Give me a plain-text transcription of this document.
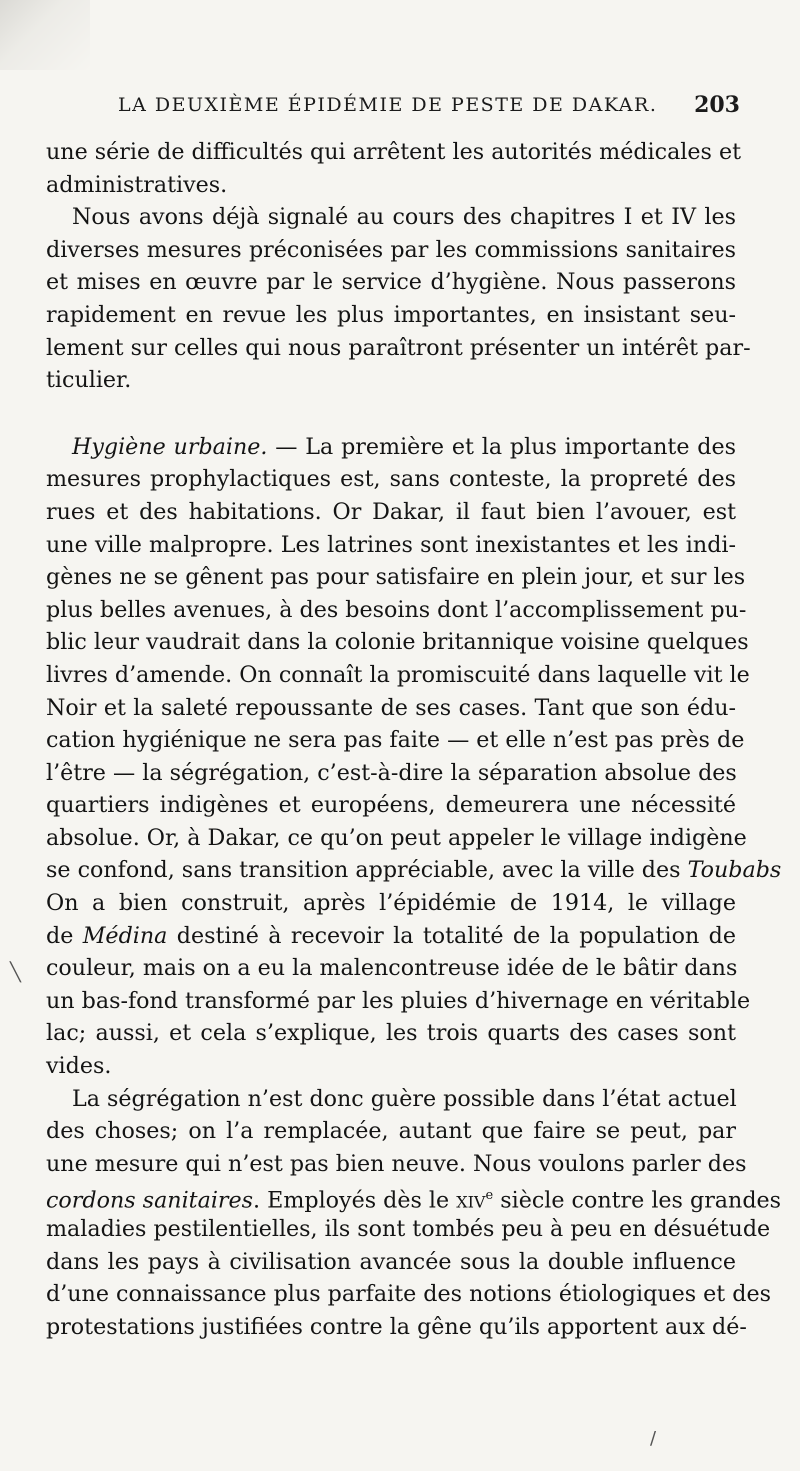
LA DEUXIÈME ÉPIDÉMIE DE PESTE DE DAKAR. 203
une série de difficultés qui arrêtent les autorités médicales et
administratives.
Nous avons déjà signalé au cours des chapitres I et IV les
diverses mesures préconisées par les commissions sanitaires
et mises en œuvre par le service d’hygiène. Nous passerons
rapidement en revue les plus importantes, en insistant seu-
lement sur celles qui nous paraîtront présenter un intérêt par-
ticulier.
Hygiène urbaine. — La première et la plus importante des
mesures prophylactiques est, sans conteste, la propreté des
rues et des habitations. Or Dakar, il faut bien l’avouer, est
une ville malpropre. Les latrines sont inexistantes et les indi-
gènes ne se gênent pas pour satisfaire en plein jour, et sur les
plus belles avenues, à des besoins dont l’accomplissement pu-
blic leur vaudrait dans la colonie britannique voisine quelques
livres d’amende. On connaît la promiscuité dans laquelle vit le
Noir et la saleté repoussante de ses cases. Tant que son édu-
cation hygiénique ne sera pas faite — et elle n’est pas près de
l’être — la ségrégation, c’est-à-dire la séparation absolue des
quartiers indigènes et européens, demeurera une nécessité
absolue. Or, à Dakar, ce qu’on peut appeler le village indigène
se confond, sans transition appréciable, avec la ville des Toubabs
On a bien construit, après l’épidémie de 1914, le village
de Médina destiné à recevoir la totalité de la population de
couleur, mais on a eu la malencontreuse idée de le bâtir dans
un bas-fond transformé par les pluies d’hivernage en véritable
lac; aussi, et cela s’explique, les trois quarts des cases sont
vides.
La ségrégation n’est donc guère possible dans l’état actuel
des choses; on l’a remplacée, autant que faire se peut, par
une mesure qui n’est pas bien neuve. Nous voulons parler des
cordons sanitaires. Employés dès le xiv$^e$ siècle contre les grandes
maladies pestilentielles, ils sont tombés peu à peu en désuétude
dans les pays à civilisation avancée sous la double influence
d’une connaissance plus parfaite des notions étiologiques et des
protestations justifiées contre la gêne qu’ils apportent aux dé-
╲
/
